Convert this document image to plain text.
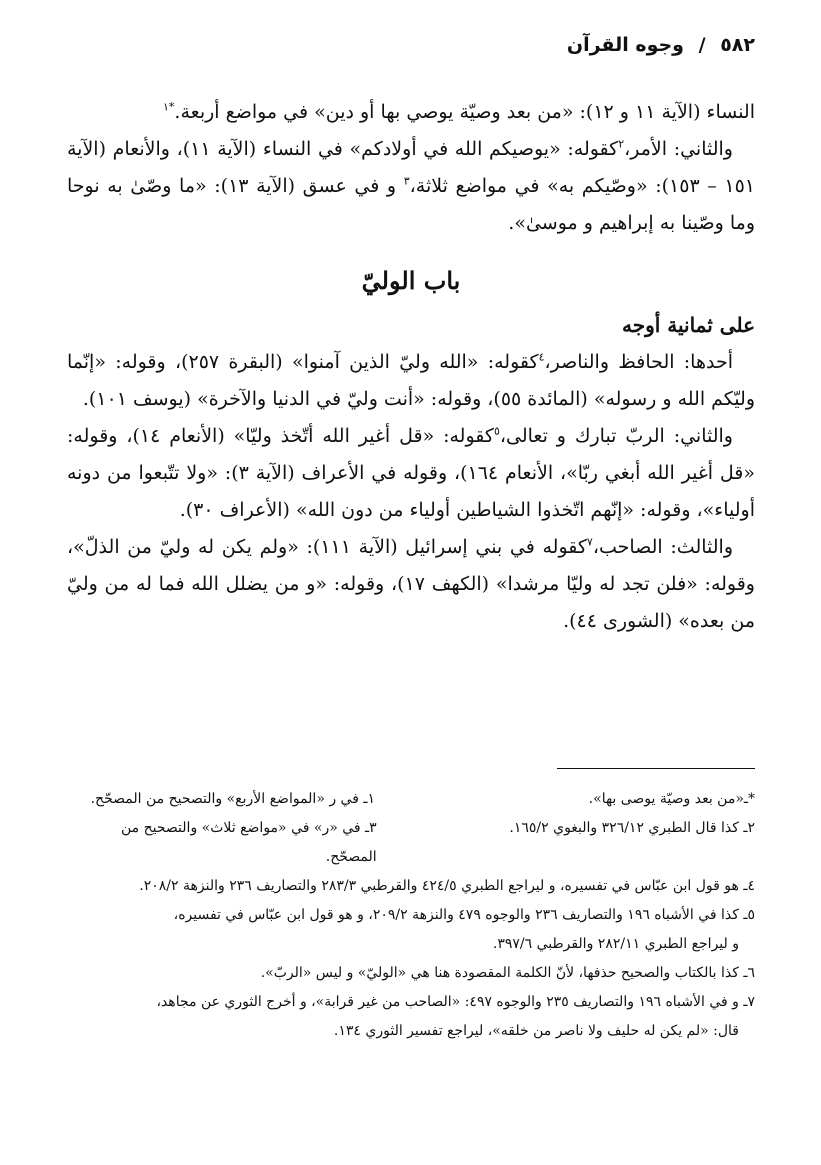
٥٨٢ / وجوه القرآن

النساء (الآية ١١ و ١٢): «من بعد وصيّة يوصي بها أو دين» في مواضع أربعة.$^{*١}$

والثاني: الأمر،$^٢$كقوله: «يوصيكم الله في أولادكم» في النساء (الآية ١١)، والأنعام (الآية ١٥١ – ١٥٣): «وصّيكم به» في مواضع ثلاثة،$^٣$ و في عسق (الآية ١٣): «ما وصّىٰ به نوحا وما وصّينا به إبراهيم و موسىٰ».

باب الوليّ

على ثمانية أوجه

أحدها: الحافظ والناصر،$^٤$كقوله: «الله وليّ الذين آمنوا» (البقرة ٢٥٧)، وقوله: «إنّما وليّكم الله و رسوله» (المائدة ٥٥)، وقوله: «أنت وليّ في الدنيا والآخرة» (يوسف ١٠١).

والثاني: الربّ تبارك و تعالى،$^٥$كقوله: «قل أغير الله أتّخذ وليّا» (الأنعام ١٤)، وقوله: «قل أغير الله أبغي ربّا»، الأنعام ١٦٤)، وقوله في الأعراف (الآية ٣): «ولا تتّبعوا من دونه أولياء»، وقوله: «إنّهم اتّخذوا الشياطين أولياء من دون الله» (الأعراف ٣٠).

والثالث: الصاحب،$^٧$كقوله في بني إسرائيل (الآية ١١١): «ولم يكن له وليّ من الذلّ»، وقوله: «فلن تجد له وليّا مرشدا» (الكهف ١٧)، وقوله: «و من يضلل الله فما له من وليّ من بعده» (الشورى ٤٤).

*ـ«من بعد وصيّة يوصى بها».
١ـ في ر «المواضع الأربع» والتصحيح من المصحّح.
٢ـ كذا قال الطبري ٣٢٦/١٢ والبغوي ١٦٥/٢.
٣ـ في «ر» في «مواضع ثلاث» والتصحيح من المصحّح.

٤ـ هو قول ابن عبّاس في تفسيره، و ليراجع الطبري ٤٢٤/٥ والقرطبي ٢٨٣/٣ والتصاريف ٢٣٦ والنزهة ٢٠٨/٢.

٥ـ كذا في الأشباه ١٩٦ والتصاريف ٢٣٦ والوجوه ٤٧٩ والنزهة ٢٠٩/٢، و هو قول ابن عبّاس في تفسيره،

و ليراجع الطبري ٢٨٢/١١ والقرطبي ٣٩٧/٦.

٦ـ كذا بالكتاب والصحيح حذفها، لأنّ الكلمة المقصودة هنا هي «الوليّ» و ليس «الربّ».

٧ـ و في الأشباه ١٩٦ والتصاريف ٢٣٥ والوجوه ٤٩٧: «الصاحب من غير قرابة»، و أخرج الثوري عن مجاهد،

قال: «لم يكن له حليف ولا ناصر من خلقه»، ليراجع تفسير الثوري ١٣٤.
